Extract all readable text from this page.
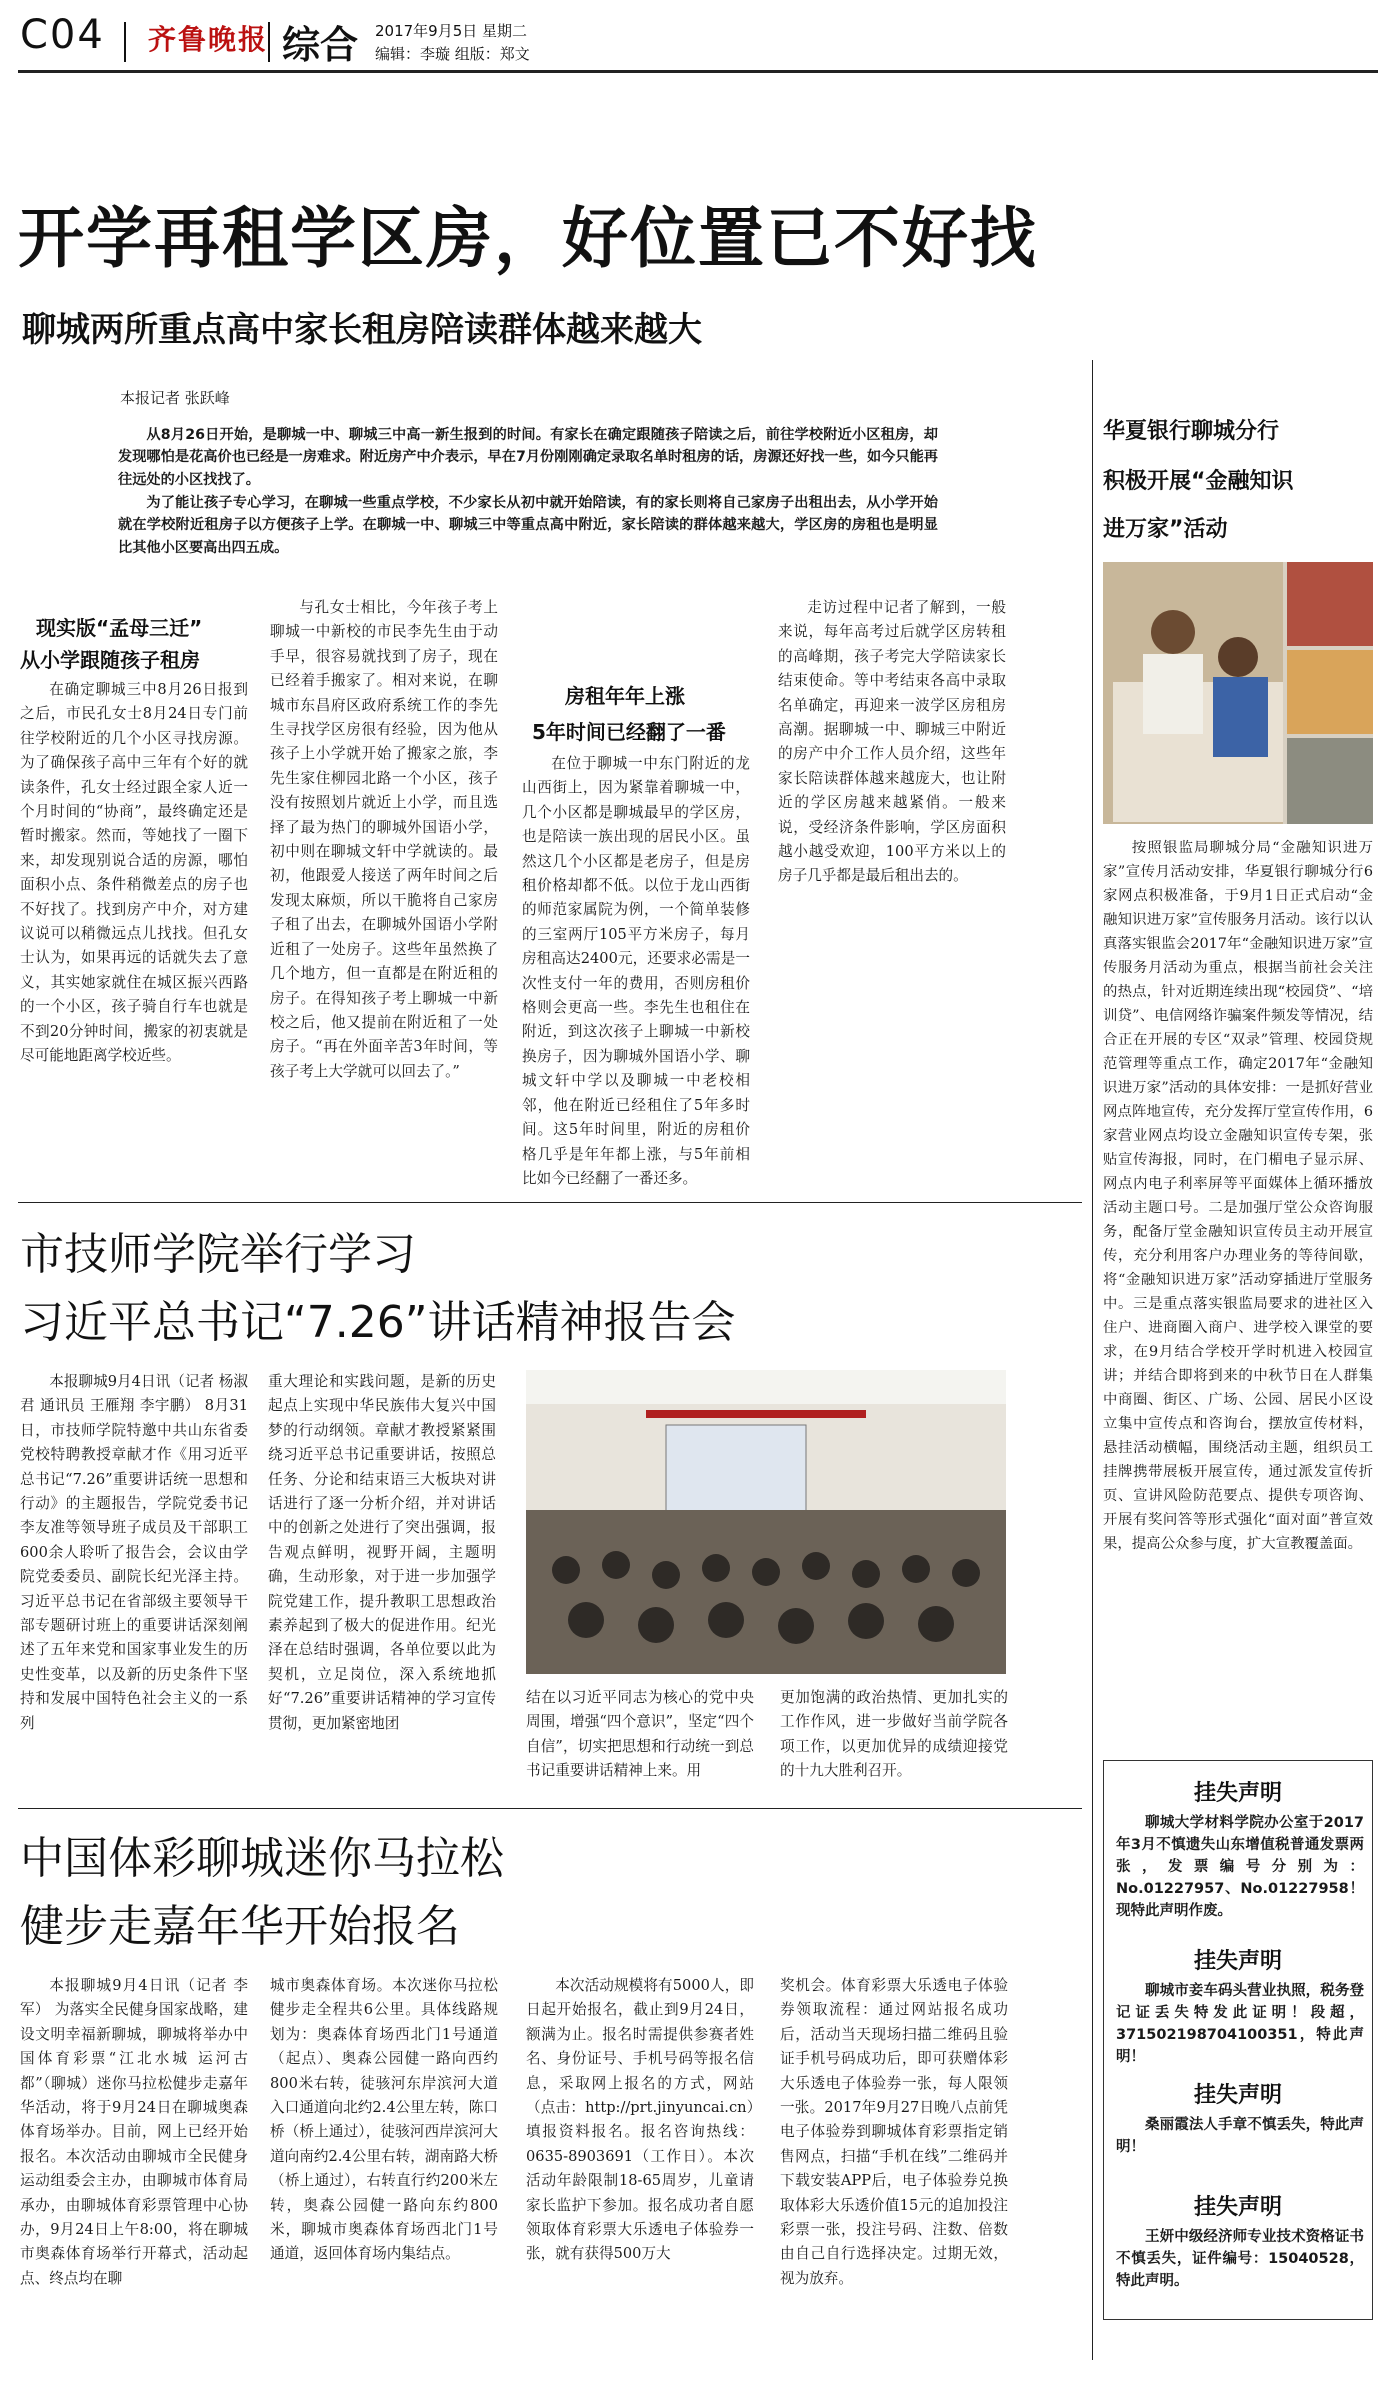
C04 齐鲁晚报 综合 2017年9月5日 星期二
编辑：李璇 组版：郑文
开学再租学区房，好位置已不好找
聊城两所重点高中家长租房陪读群体越来越大
本报记者 张跃峰
从8月26日开始，是聊城一中、聊城三中高一新生报到的时间。有家长在确定跟随孩子陪读之后，前往学校附近小区租房，却发现哪怕是花高价也已经是一房难求。附近房产中介表示，早在7月份刚刚确定录取名单时租房的话，房源还好找一些，如今只能再往远处的小区找找了。
为了能让孩子专心学习，在聊城一些重点学校，不少家长从初中就开始陪读，有的家长则将自己家房子出租出去，从小学开始就在学校附近租房子以方便孩子上学。在聊城一中、聊城三中等重点高中附近，家长陪读的群体越来越大，学区房的房租也是明显比其他小区要高出四五成。
现实版“孟母三迁”
从小学跟随孩子租房
在确定聊城三中8月26日报到之后，市民孔女士8月24日专门前往学校附近的几个小区寻找房源。为了确保孩子高中三年有个好的就读条件，孔女士经过跟全家人近一个月时间的“协商”，最终确定还是暂时搬家。然而，等她找了一圈下来，却发现别说合适的房源，哪怕面积小点、条件稍微差点的房子也不好找了。找到房产中介，对方建议说可以稍微远点儿找找。但孔女士认为，如果再远的话就失去了意义，其实她家就住在城区振兴西路的一个小区，孩子骑自行车也就是不到20分钟时间，搬家的初衷就是尽可能地距离学校近些。
与孔女士相比，今年孩子考上聊城一中新校的市民李先生由于动手早，很容易就找到了房子，现在已经着手搬家了。相对来说，在聊城市东昌府区政府系统工作的李先生寻找学区房很有经验，因为他从孩子上小学就开始了搬家之旅，李先生家住柳园北路一个小区，孩子没有按照划片就近上小学，而且选择了最为热门的聊城外国语小学，初中则在聊城文轩中学就读的。最初，他跟爱人接送了两年时间之后发现太麻烦，所以干脆将自己家房子租了出去，在聊城外国语小学附近租了一处房子。这些年虽然换了几个地方，但一直都是在附近租的房子。在得知孩子考上聊城一中新校之后，他又提前在附近租了一处房子。“再在外面辛苦3年时间，等孩子考上大学就可以回去了。”
房租年年上涨
5年时间已经翻了一番
在位于聊城一中东门附近的龙山西街上，因为紧靠着聊城一中，几个小区都是聊城最早的学区房，也是陪读一族出现的居民小区。虽然这几个小区都是老房子，但是房租价格却都不低。以位于龙山西街的师范家属院为例，一个简单装修的三室两厅105平方米房子，每月房租高达2400元，还要求必需是一次性支付一年的费用，否则房租价格则会更高一些。李先生也租住在附近，到这次孩子上聊城一中新校换房子，因为聊城外国语小学、聊城文轩中学以及聊城一中老校相邻，他在附近已经租住了5年多时间。这5年时间里，附近的房租价格几乎是年年都上涨，与5年前相比如今已经翻了一番还多。
走访过程中记者了解到，一般来说，每年高考过后就学区房转租的高峰期，孩子考完大学陪读家长结束使命。等中考结束各高中录取名单确定，再迎来一波学区房租房高潮。据聊城一中、聊城三中附近的房产中介工作人员介绍，这些年家长陪读群体越来越庞大，也让附近的学区房越来越紧俏。一般来说，受经济条件影响，学区房面积越小越受欢迎，100平方米以上的房子几乎都是最后租出去的。
华夏银行聊城分行
积极开展“金融知识
进万家”活动
按照银监局聊城分局“金融知识进万家”宣传月活动安排，华夏银行聊城分行6家网点积极准备，于9月1日正式启动“金融知识进万家”宣传服务月活动。该行以认真落实银监会2017年“金融知识进万家”宣传服务月活动为重点，根据当前社会关注的热点，针对近期连续出现“校园贷”、“培训贷”、电信网络诈骗案件频发等情况，结合正在开展的专区“双录”管理、校园贷规范管理等重点工作，确定2017年“金融知识进万家”活动的具体安排：一是抓好营业网点阵地宣传，充分发挥厅堂宣传作用，6家营业网点均设立金融知识宣传专架，张贴宣传海报，同时，在门楣电子显示屏、网点内电子利率屏等平面媒体上循环播放活动主题口号。二是加强厅堂公众咨询服务，配备厅堂金融知识宣传员主动开展宣传，充分利用客户办理业务的等待间歇，将“金融知识进万家”活动穿插进厅堂服务中。三是重点落实银监局要求的进社区入住户、进商圈入商户、进学校入课堂的要求，在9月结合学校开学时机进入校园宣讲；并结合即将到来的中秋节日在人群集中商圈、街区、广场、公园、居民小区设立集中宣传点和咨询台，摆放宣传材料，悬挂活动横幅，围绕活动主题，组织员工挂牌携带展板开展宣传，通过派发宣传折页、宣讲风险防范要点、提供专项咨询、开展有奖问答等形式强化“面对面”普宣效果，提高公众参与度，扩大宣教覆盖面。
挂失声明
聊城大学材料学院办公室于2017年3月不慎遗失山东增值税普通发票两张，发票编号分别为：No.01227957、No.01227958！现特此声明作废。
挂失声明
聊城市妾车码头营业执照，税务登记证丢失特发此证明！段超，371502198704100351，特此声明！
挂失声明
桑丽霞法人手章不慎丢失，特此声明！
挂失声明
王妍中级经济师专业技术资格证书不慎丢失，证件编号：15040528，特此声明。
市技师学院举行学习
习近平总书记“7.26”讲话精神报告会
本报聊城9月4日讯（记者 杨淑君 通讯员 王雁翔 李宇鹏） 8月31日，市技师学院特邀中共山东省委党校特聘教授章献才作《用习近平总书记“7.26”重要讲话统一思想和行动》的主题报告，学院党委书记李友准等领导班子成员及干部职工600余人聆听了报告会，会议由学院党委委员、副院长纪光泽主持。习近平总书记在省部级主要领导干部专题研讨班上的重要讲话深刻阐述了五年来党和国家事业发生的历史性变革，以及新的历史条件下坚持和发展中国特色社会主义的一系列
重大理论和实践问题，是新的历史起点上实现中华民族伟大复兴中国梦的行动纲领。章献才教授紧紧围绕习近平总书记重要讲话，按照总任务、分论和结束语三大板块对讲话进行了逐一分析介绍，并对讲话中的创新之处进行了突出强调，报告观点鲜明，视野开阔，主题明确，生动形象，对于进一步加强学院党建工作，提升教职工思想政治素养起到了极大的促进作用。纪光泽在总结时强调，各单位要以此为契机，立足岗位，深入系统地抓好“7.26”重要讲话精神的学习宣传贯彻，更加紧密地团
结在以习近平同志为核心的党中央周围，增强“四个意识”，坚定“四个自信”，切实把思想和行动统一到总书记重要讲话精神上来。用
更加饱满的政治热情、更加扎实的工作作风，进一步做好当前学院各项工作，以更加优异的成绩迎接党的十九大胜利召开。
中国体彩聊城迷你马拉松
健步走嘉年华开始报名
本报聊城9月4日讯（记者 李军） 为落实全民健身国家战略，建设文明幸福新聊城，聊城将举办中国体育彩票“江北水城 运河古都”（聊城）迷你马拉松健步走嘉年华活动，将于9月24日在聊城奥森体育场举办。目前，网上已经开始报名。本次活动由聊城市全民健身运动组委会主办，由聊城市体育局承办，由聊城体育彩票管理中心协办，9月24日上午8:00，将在聊城市奥森体育场举行开幕式，活动起点、终点均在聊
城市奥森体育场。本次迷你马拉松健步走全程共6公里。具体线路规划为：奥森体育场西北门1号通道（起点）、奥森公园健一路向西约800米右转，徒骇河东岸滨河大道入口通道向北约2.4公里左转，陈口桥（桥上通过），徒骇河西岸滨河大道向南约2.4公里右转，湖南路大桥（桥上通过），右转直行约200米左转，奥森公园健一路向东约800米，聊城市奥森体育场西北门1号通道，返回体育场内集结点。
本次活动规模将有5000人，即日起开始报名，截止到9月24日，额满为止。报名时需提供参赛者姓名、身份证号、手机号码等报名信息，采取网上报名的方式，网站（点击：http://prt.jinyuncai.cn）填报资料报名。报名咨询热线：0635-8903691（工作日）。本次活动年龄限制18-65周岁，儿童请家长监护下参加。报名成功者自愿领取体育彩票大乐透电子体验券一张，就有获得500万大
奖机会。体育彩票大乐透电子体验券领取流程：通过网站报名成功后，活动当天现场扫描二维码且验证手机号码成功后，即可获赠体彩大乐透电子体验券一张，每人限领一张。2017年9月27日晚八点前凭电子体验券到聊城体育彩票指定销售网点，扫描“手机在线”二维码并下载安装APP后，电子体验券兑换取体彩大乐透价值15元的追加投注彩票一张，投注号码、注数、倍数由自己自行选择决定。过期无效，视为放弃。
